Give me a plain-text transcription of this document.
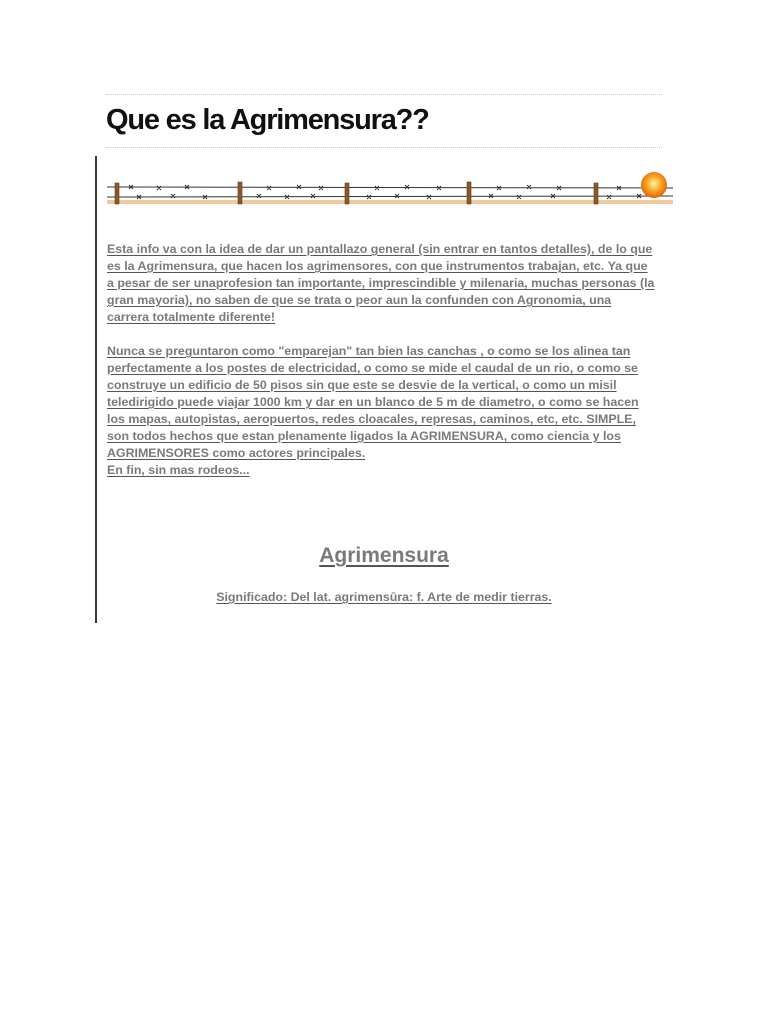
Que es la Agrimensura??
Esta info va con la idea de dar un pantallazo general (sin entrar en tantos detalles), de lo que
es la Agrimensura, que hacen los agrimensores, con que instrumentos trabajan, etc. Ya que
a pesar de ser unaprofesion tan importante, imprescindible y milenaria, muchas personas (la
gran mayoria), no saben de que se trata o peor aun la confunden con Agronomia, una
carrera totalmente diferente!
Nunca se preguntaron como "emparejan" tan bien las canchas , o como se los alinea tan
perfectamente a los postes de electricidad, o como se mide el caudal de un rio, o como se
construye un edificio de 50 pisos sin que este se desvie de la vertical, o como un misil
teledirigido puede viajar 1000 km y dar en un blanco de 5 m de diametro, o como se hacen
los mapas, autopistas, aeropuertos, redes cloacales, represas, caminos, etc, etc. SIMPLE,
son todos hechos que estan plenamente ligados la AGRIMENSURA, como ciencia y los
AGRIMENSORES como actores principales.
En fin, sin mas rodeos...
Agrimensura

Significado: Del lat. agrimensūra: f. Arte de medir tierras.
